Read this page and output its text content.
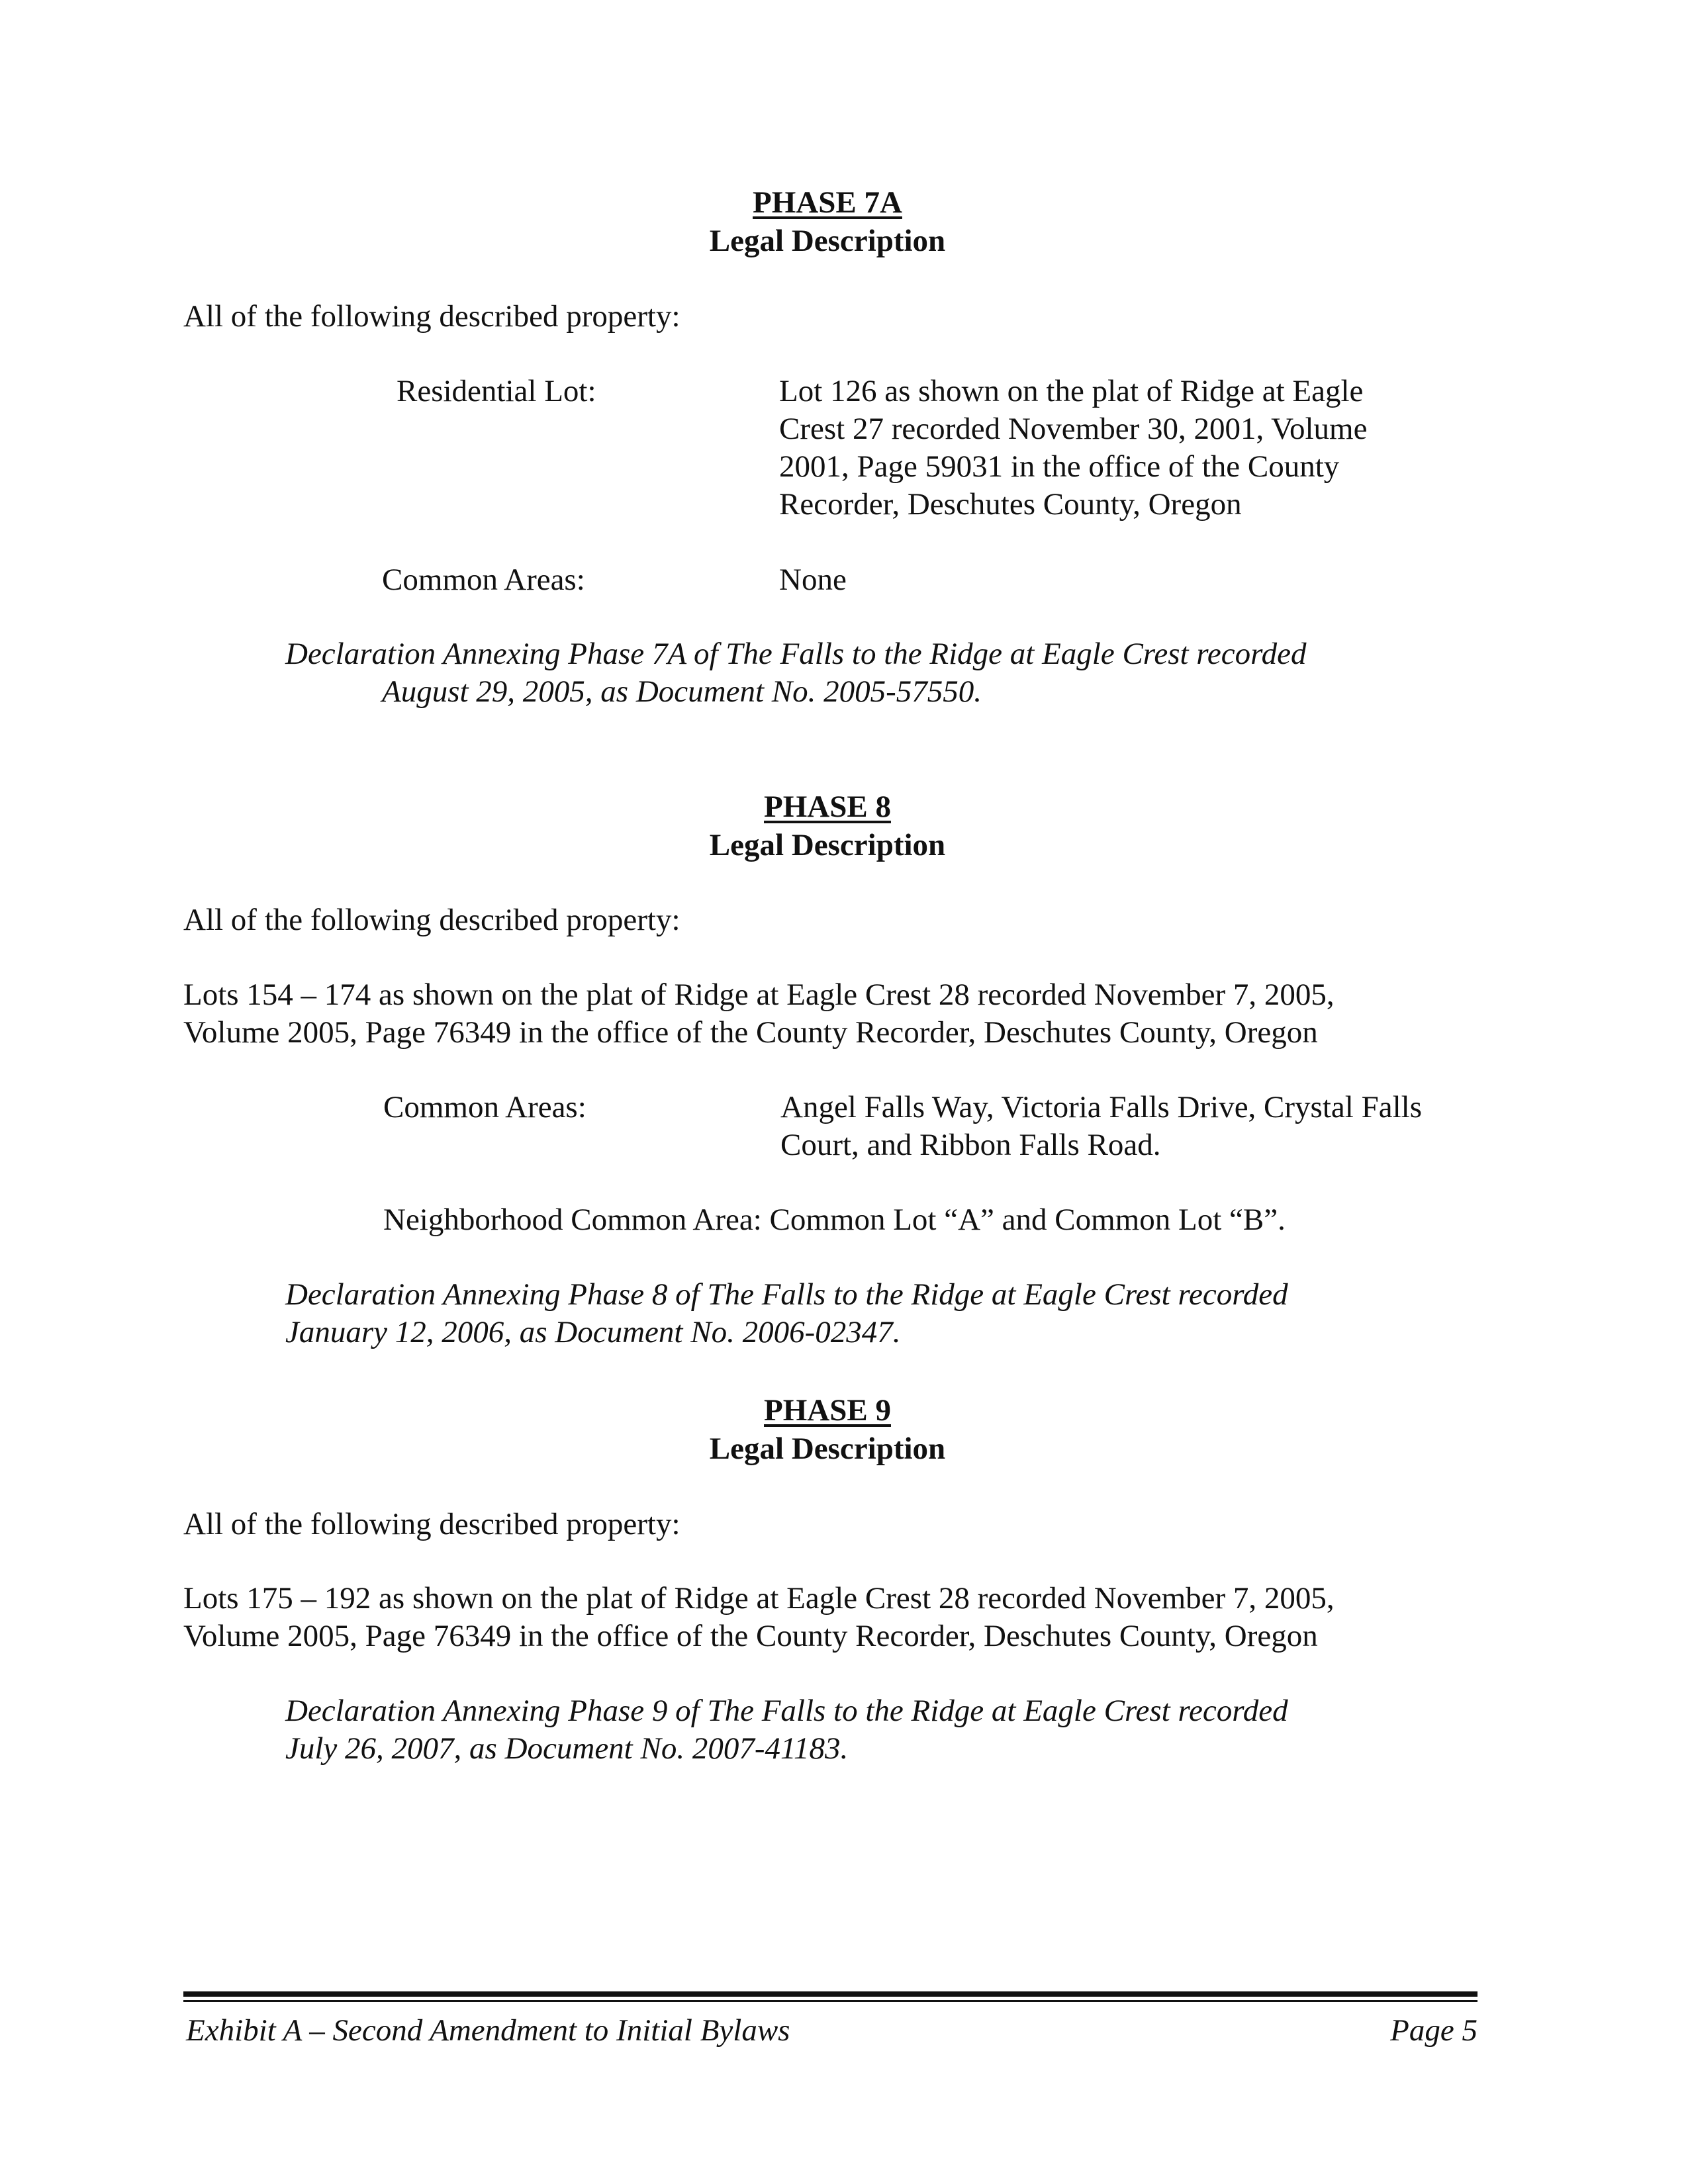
PHASE 7A
Legal Description

All of the following described property:

Residential Lot:	Lot 126 as shown on the plat of Ridge at Eagle
Crest 27 recorded November 30, 2001, Volume
2001, Page 59031 in the office of the County
Recorder, Deschutes County, Oregon

Common Areas:	None

Declaration Annexing Phase 7A of The Falls to the Ridge at Eagle Crest recorded

August 29, 2005, as Document No. 2005-57550.

PHASE 8
Legal Description

All of the following described property:

Lots 154 – 174 as shown on the plat of Ridge at Eagle Crest 28 recorded November 7, 2005,
Volume 2005, Page 76349 in the office of the County Recorder, Deschutes County, Oregon

Common Areas:	Angel Falls Way, Victoria Falls Drive, Crystal Falls
Court, and Ribbon Falls Road.

Neighborhood Common Area: Common Lot “A” and Common Lot “B”.

Declaration Annexing Phase 8 of The Falls to the Ridge at Eagle Crest recorded

January 12, 2006, as Document No. 2006-02347.

PHASE 9
Legal Description

All of the following described property:

Lots 175 – 192 as shown on the plat of Ridge at Eagle Crest 28 recorded November 7, 2005,
Volume 2005, Page 76349 in the office of the County Recorder, Deschutes County, Oregon

Declaration Annexing Phase 9 of The Falls to the Ridge at Eagle Crest recorded

July 26, 2007, as Document No. 2007-41183.

Exhibit A – Second Amendment to Initial Bylaws	Page 5
